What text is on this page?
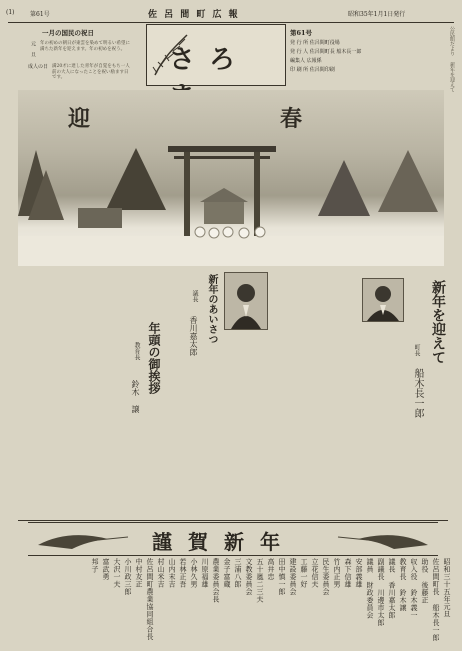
(1)	第61号	佐 呂 間 町 広 報	昭和35年1月1日発行
一月の国民の祝日
元 旦 年の初めの朝日が東雲を染めて明るい希望に満ちた新年を迎えます。年の初めを祝う。
成人の日 満20才に達した青年が自覚をもち一人前の大人になったことを祝い励ます日です。
さろ
第61号
発 行 所 佐呂間町役場
発 行 人 佐呂間町長 船木長一郎
編集人 広報係
印 刷 所 佐呂間印刷	公民館だより 新年を迎えて
迎	春

年頭の御挨拶
教育長
鈴木 譲
新年のあいさつ
議長
香川嘉太郎

　	新年を迎えて
町長
船木長一郎

謹賀新年
昭和三十五年元旦
佐呂間町長 船木長一郎
助役 後藤正
収入役 鈴木義一
教育長 鈴木譲
議長 香川嘉太郎
副議長 川邊市太郎
議員 財政委員会
安部義雄
森下信雄
竹内正男
民生委員会
立花信夫
工藤一好
建設委員会
田中慎一郎
高井忠
五十嵐二三夫
文教委員会
三浦八郎
金子富蔵
農業委員会長
川原福雄
小林久男
若林正吾
山内末吉
村山米吉
佐呂間町農業協同組合長
中村友正
小川政三郎
大沢一夫
富武勇
邦子
